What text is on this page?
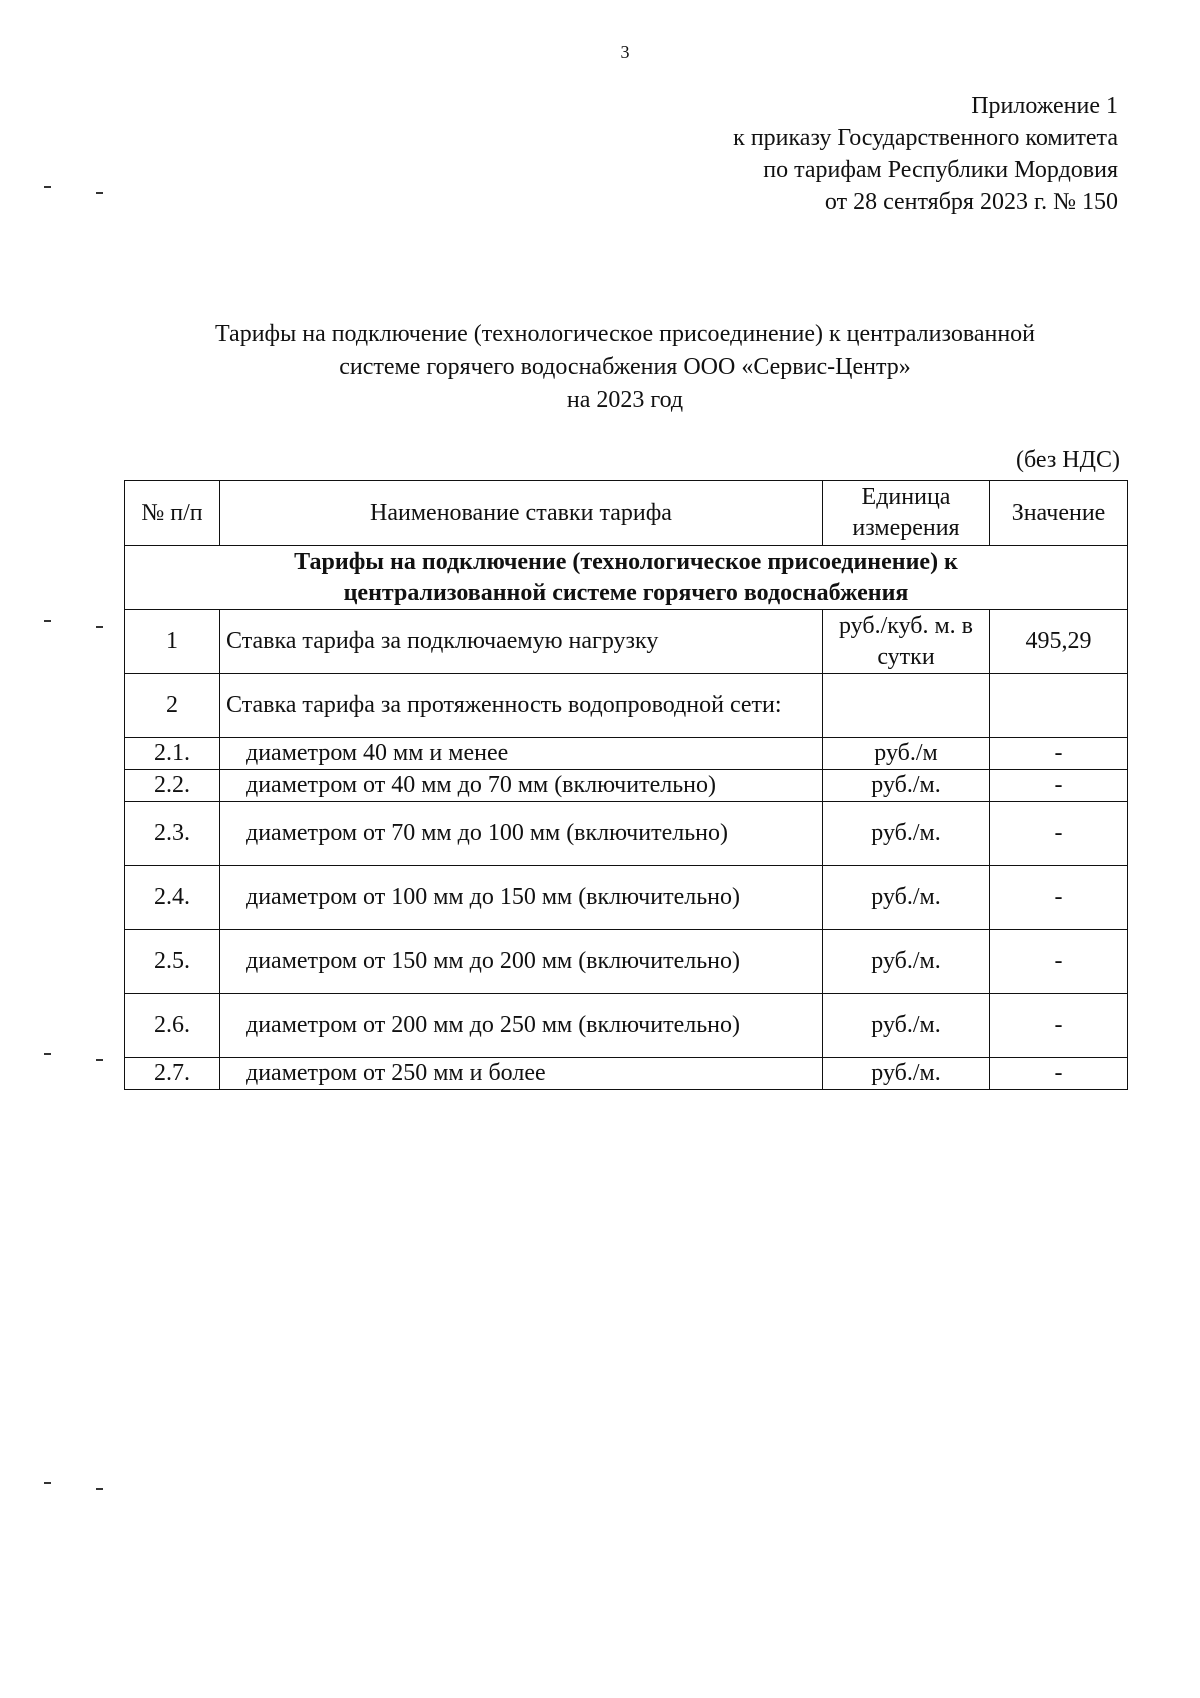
3
Приложение 1
к приказу Государственного комитета
по тарифам Республики Мордовия
от 28 сентября 2023 г. № 150
Тарифы на подключение (технологическое присоединение) к централизованной
системе горячего водоснабжения ООО «Сервис-Центр»
на 2023 год
(без НДС)
№ п/п	Наименование ставки тарифа	Единица измерения	Значение

Тарифы на подключение (технологическое присоединение) к
централизованной системе горячего водоснабжения			

1	Ставка тарифа за подключаемую нагрузку	руб./куб. м. в сутки	495,29
2	Ставка тарифа за протяженность водопроводной сети:		
2.1.	диаметром 40 мм и менее	руб./м	-
2.2.	диаметром от 40 мм до 70 мм (включительно)	руб./м.	-
2.3.	диаметром от 70 мм до 100 мм (включительно)	руб./м.	-
2.4.	диаметром от 100 мм до 150 мм (включительно)	руб./м.	-
2.5.	диаметром от 150 мм до 200 мм (включительно)	руб./м.	-
2.6.	диаметром от 200 мм до 250 мм (включительно)	руб./м.	-
2.7.	диаметром от 250 мм и более	руб./м.	-
